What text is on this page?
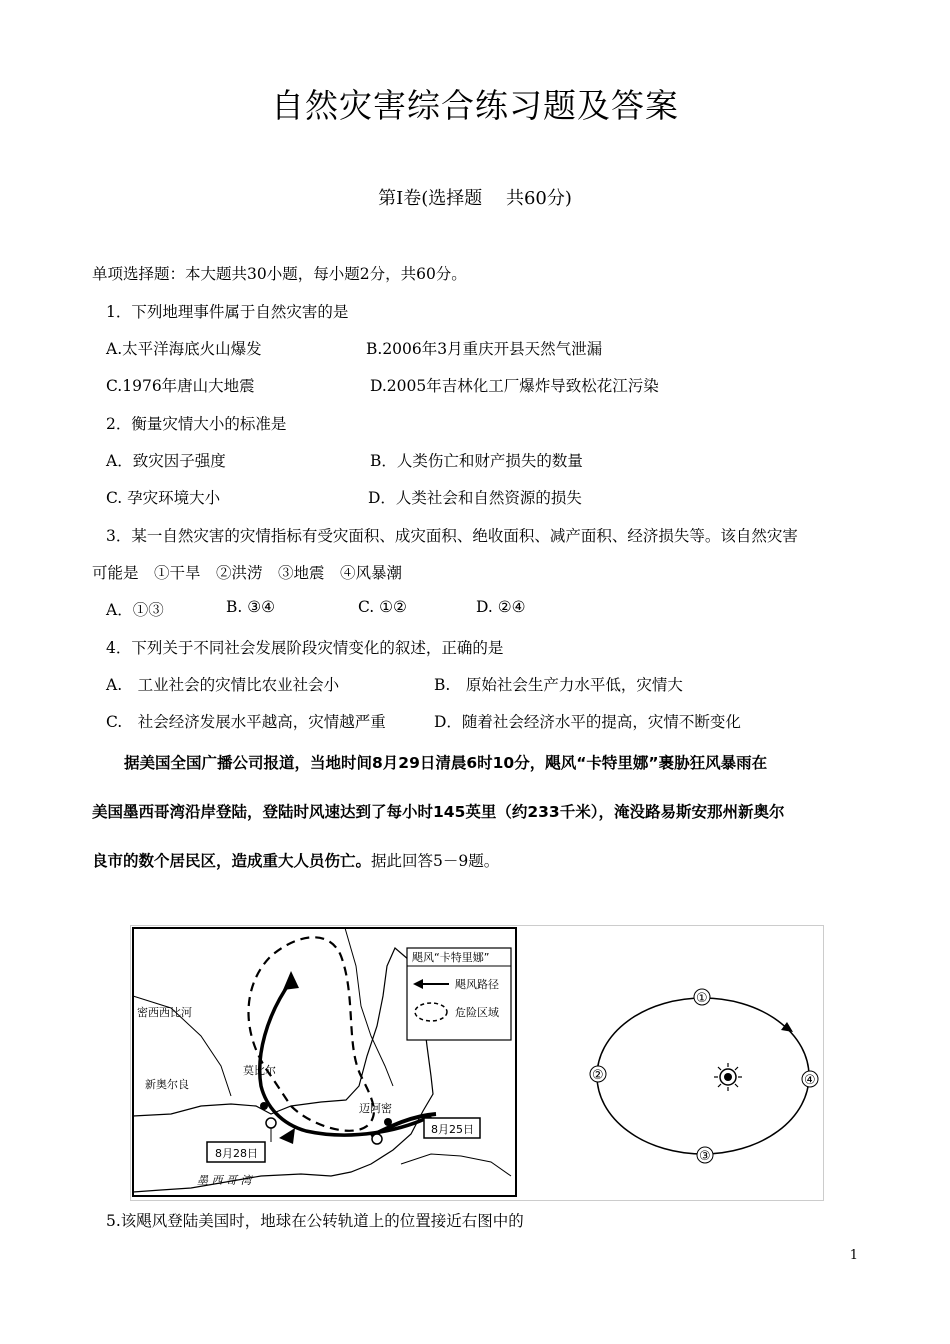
自然灾害综合练习题及答案
第Ⅰ卷(选择题　 共60分)
单项选择题：本大题共30小题，每小题2分，共60分。
1．下列地理事件属于自然灾害的是
A.太平洋海底火山爆发	B.2006年3月重庆开县天然气泄漏
C.1976年唐山大地震	D.2005年吉林化工厂爆炸导致松花江污染
2．衡量灾情大小的标准是
A．致灾因子强度	B．人类伤亡和财产损失的数量
C. 孕灾环境大小	D．人类社会和自然资源的损失
3．某一自然灾害的灾情指标有受灾面积、成灾面积、绝收面积、减产面积、经济损失等。该自然灾害
可能是　①干旱　②洪涝　③地震　④风暴潮
A．①③	B. ③④	C. ①②	D. ②④
4．下列关于不同社会发展阶段灾情变化的叙述，正确的是
A.　工业社会的灾情比农业社会小	B.　原始社会生产力水平低，灾情大
C.　社会经济发展水平越高，灾情越严重	D．随着社会经济水平的提高，灾情不断变化
据美国全国广播公司报道，当地时间8月29日清晨6时10分，飓风“卡特里娜”裹胁狂风暴雨在
美国墨西哥湾沿岸登陆，登陆时风速达到了每小时145英里（约233千米），淹没路易斯安那州新奥尔
良市的数个居民区，造成重大人员伤亡。据此回答5－9题。
密西西比河
新奥尔良
莫比尔
迈阿密
8月25日
8月28日
墨 西 哥 湾
飓风“卡特里娜”
飓风路径
危险区域
①
②
③
④
5.该飓风登陆美国时，地球在公转轨道上的位置接近右图中的
1
